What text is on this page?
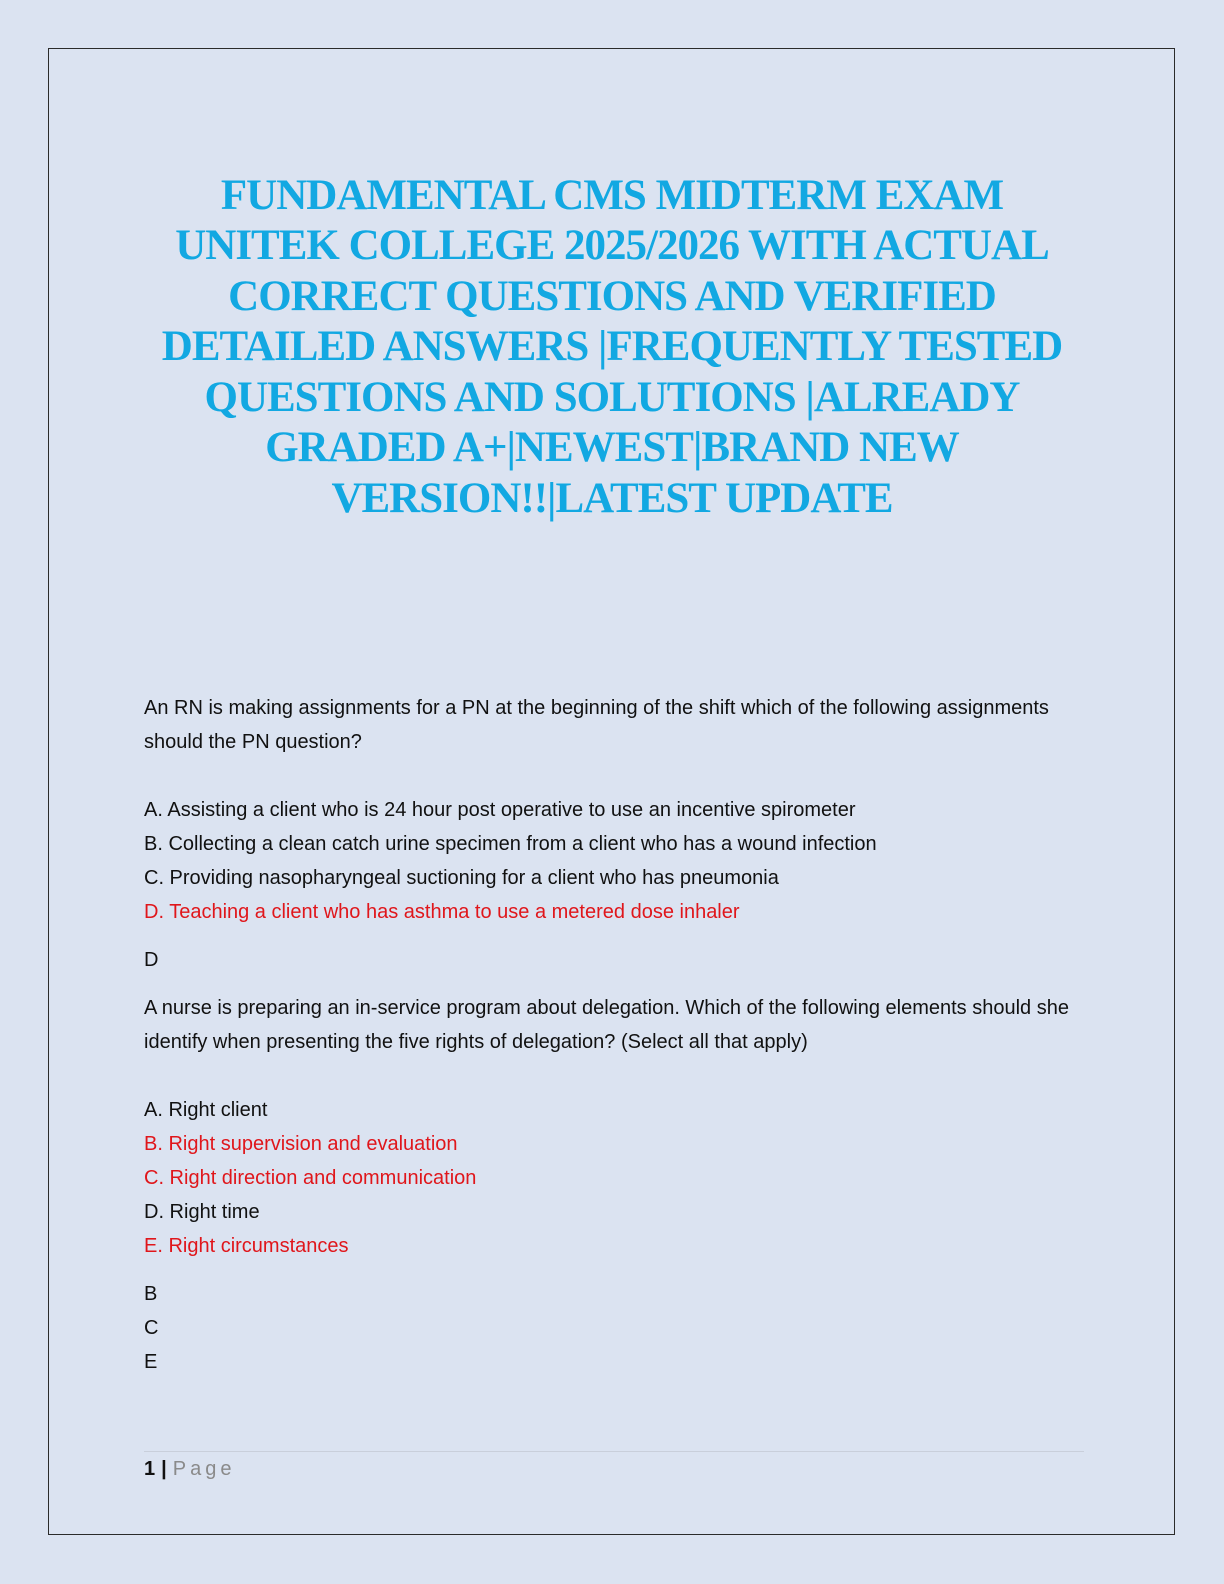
FUNDAMENTAL CMS MIDTERM EXAM
UNITEK COLLEGE 2025/2026 WITH ACTUAL
CORRECT QUESTIONS AND VERIFIED
DETAILED ANSWERS |FREQUENTLY TESTED
QUESTIONS AND SOLUTIONS |ALREADY
GRADED A+|NEWEST|BRAND NEW
VERSION!!|LATEST UPDATE

An RN is making assignments for a PN at the beginning of the shift which of the following assignments should the PN question?

A. Assisting a client who is 24 hour post operative to use an incentive spirometer

B. Collecting a clean catch urine specimen from a client who has a wound infection

C. Providing nasopharyngeal suctioning for a client who has pneumonia

D. Teaching a client who has asthma to use a metered dose inhaler

D

A nurse is preparing an in-service program about delegation. Which of the following elements should she identify when presenting the five rights of delegation? (Select all that apply)

A. Right client

B. Right supervision and evaluation

C. Right direction and communication

D. Right time

E. Right circumstances

B

C

E

1 | Page
